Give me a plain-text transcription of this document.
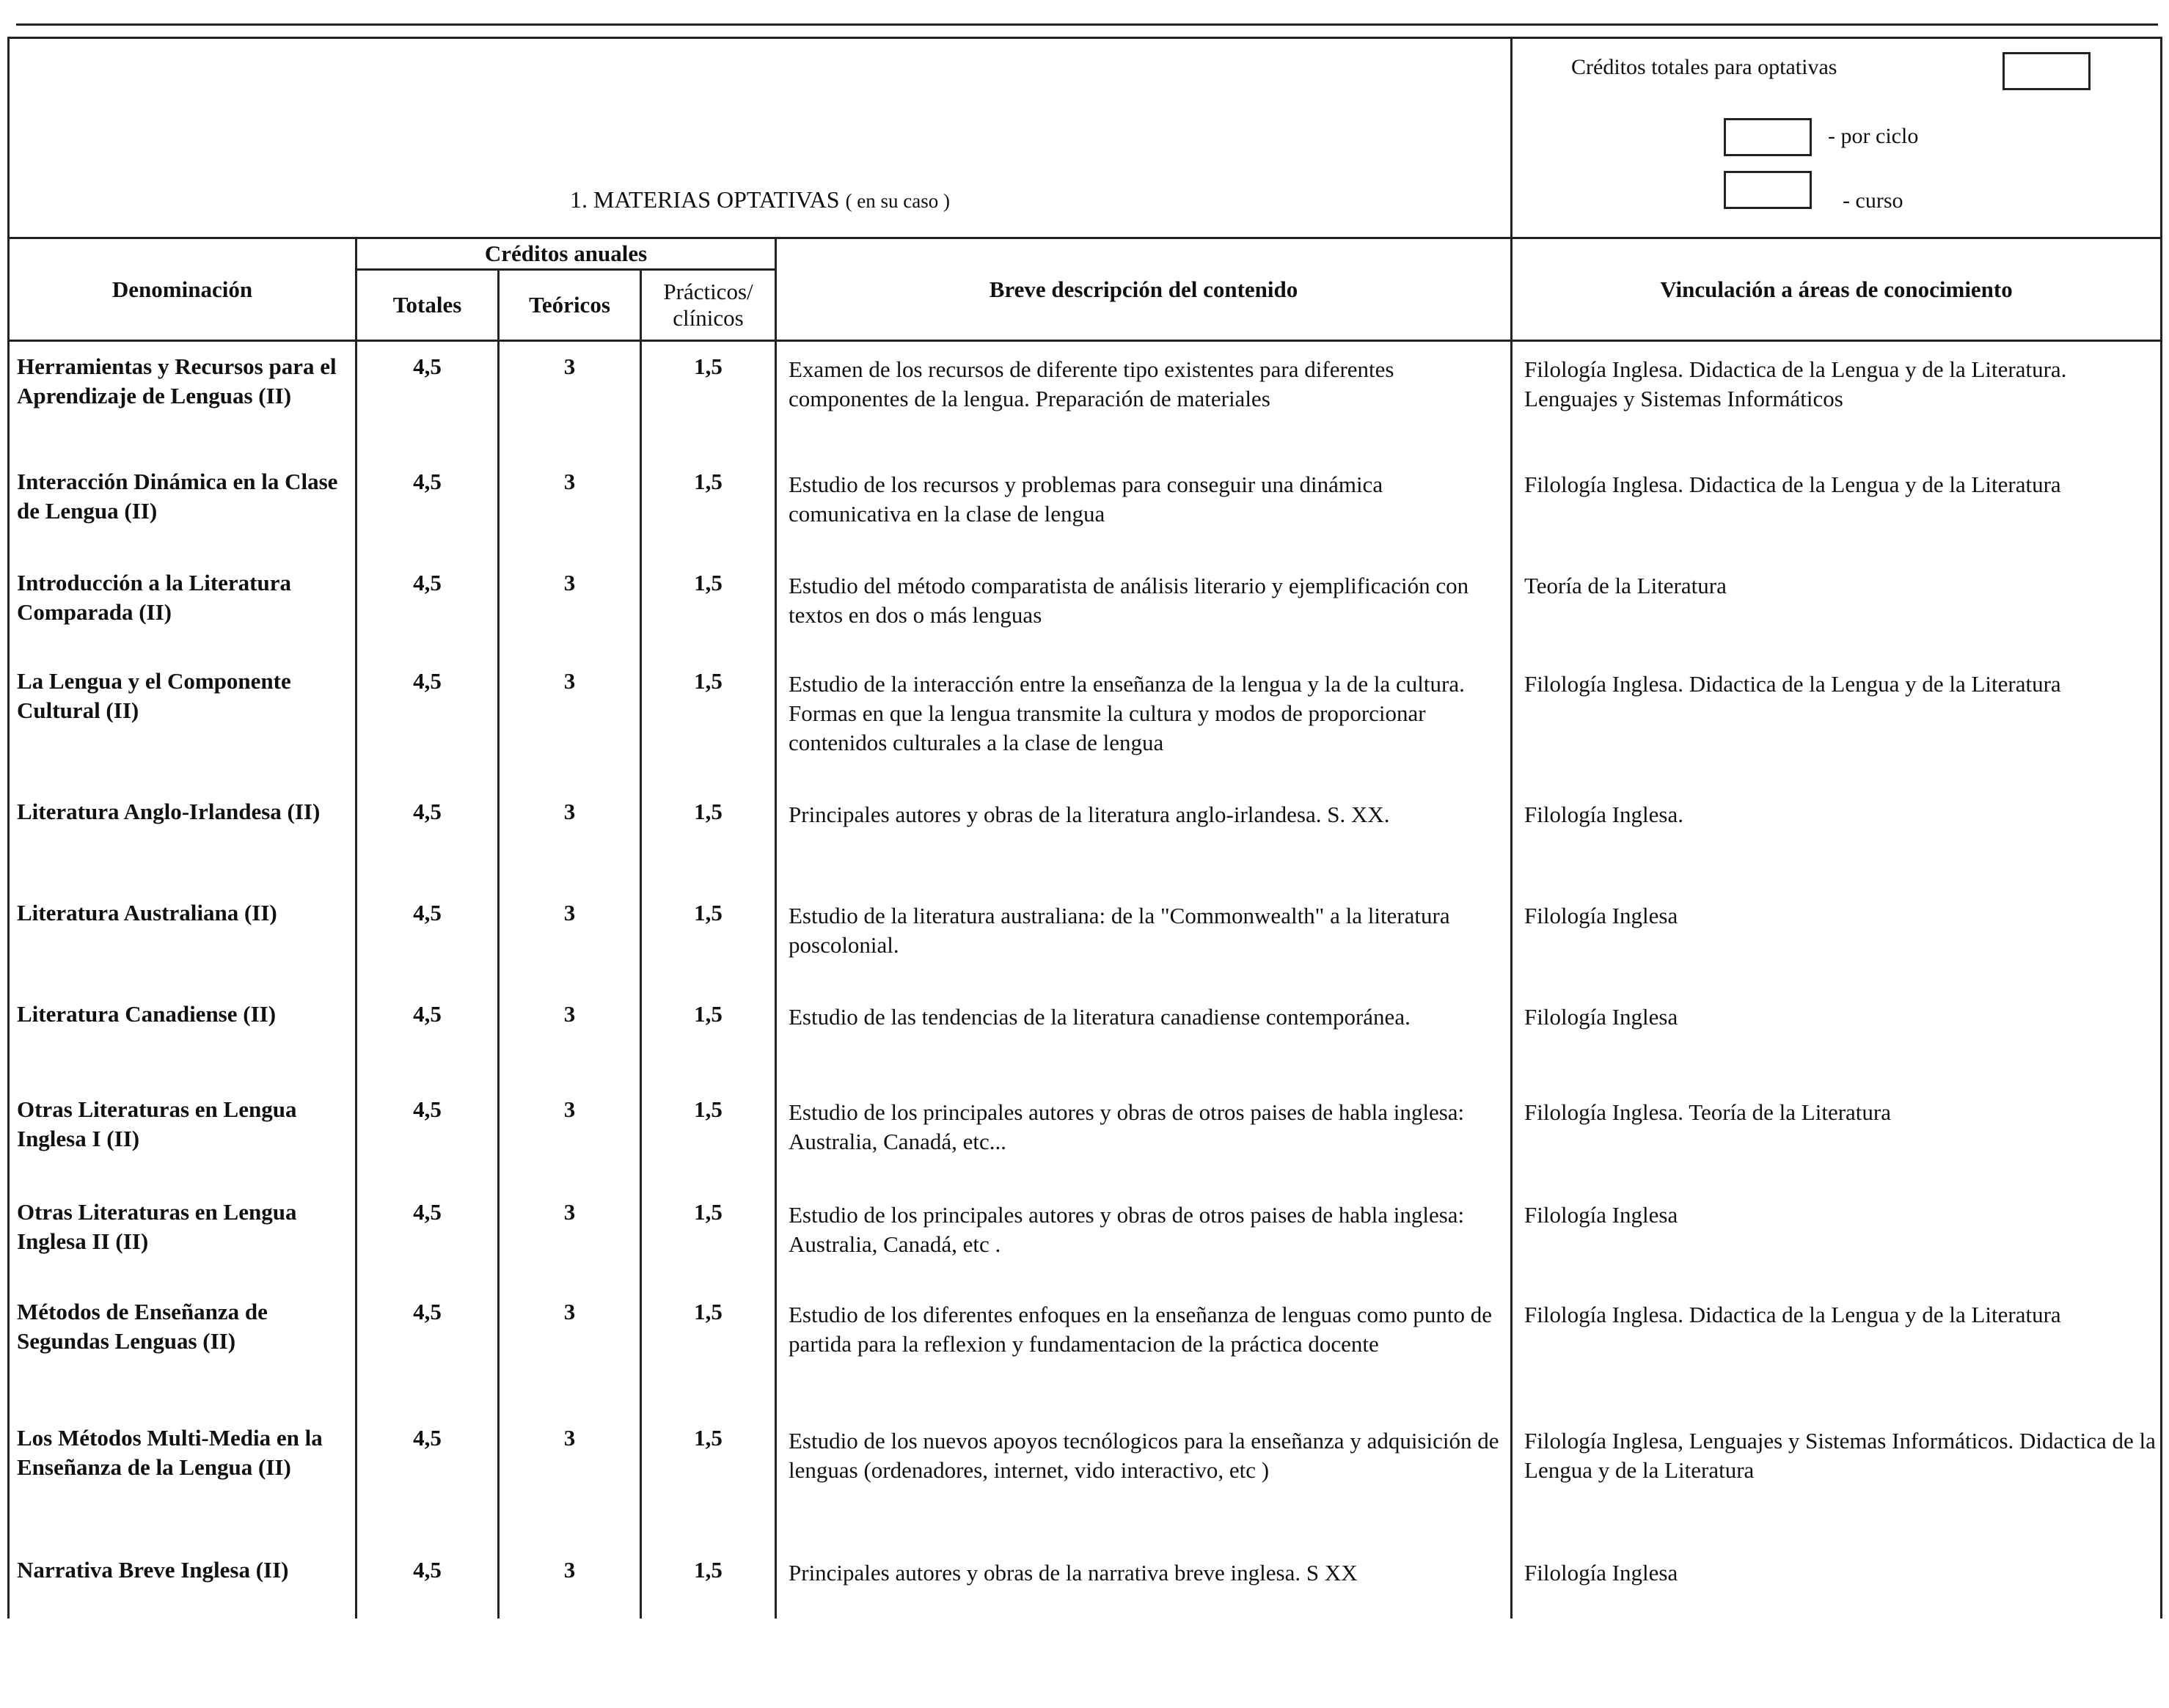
1. MATERIAS OPTATIVAS ( en su caso )					Créditos totales para optativas
- por ciclo
- curso

Denominación	Créditos anuales			Breve descripción del contenido	Vinculación a áreas de conocimiento
	Totales	Teóricos	Prácticos/ clínicos		
Herramientas y Recursos para el Aprendizaje de Lenguas (II)	4,5	3	1,5	Examen de los recursos de diferente tipo existentes para diferentes componentes de la lengua. Preparación de materiales	Filología Inglesa. Didactica de la Lengua y de la Literatura. Lenguajes y Sistemas Informáticos
Interacción Dinámica en la Clase de Lengua (II)	4,5	3	1,5	Estudio de los recursos y problemas para conseguir una dinámica comunicativa en la clase de lengua	Filología Inglesa. Didactica de la Lengua y de la Literatura
Introducción a la Literatura Comparada (II)	4,5	3	1,5	Estudio del método comparatista de análisis literario y ejemplificación con textos en dos o más lenguas	Teoría de la Literatura
La Lengua y el Componente Cultural (II)	4,5	3	1,5	Estudio de la interacción entre la enseñanza de la lengua y la de la cultura. Formas en que la lengua transmite la cultura y modos de proporcionar contenidos culturales a la clase de lengua	Filología Inglesa. Didactica de la Lengua y de la Literatura
Literatura Anglo-Irlandesa (II)	4,5	3	1,5	Principales autores y obras de la literatura anglo-irlandesa. S. XX.	Filología Inglesa.
Literatura Australiana (II)	4,5	3	1,5	Estudio de la literatura australiana: de la "Commonwealth" a la literatura poscolonial.	Filología Inglesa
Literatura Canadiense (II)	4,5	3	1,5	Estudio de las tendencias de la literatura canadiense contemporánea.	Filología Inglesa
Otras Literaturas en Lengua Inglesa I (II)	4,5	3	1,5	Estudio de los principales autores y obras de otros paises de habla inglesa: Australia, Canadá, etc...	Filología Inglesa. Teoría de la Literatura
Otras Literaturas en Lengua Inglesa II (II)	4,5	3	1,5	Estudio de los principales autores y obras de otros paises de habla inglesa: Australia, Canadá, etc .	Filología Inglesa
Métodos de Enseñanza de Segundas Lenguas (II)	4,5	3	1,5	Estudio de los diferentes enfoques en la enseñanza de lenguas como punto de partida para la reflexion y fundamentacion de la práctica docente	Filología Inglesa. Didactica de la Lengua y de la Literatura
Los Métodos Multi-Media en la Enseñanza de la Lengua (II)	4,5	3	1,5	Estudio de los nuevos apoyos tecnólogicos para la enseñanza y adquisición de lenguas (ordenadores, internet, vido interactivo, etc )	Filología Inglesa, Lenguajes y Sistemas Informáticos. Didactica de la Lengua y de la Literatura
Narrativa Breve Inglesa (II)	4,5	3	1,5	Principales autores y obras de la narrativa breve inglesa. S XX	Filología Inglesa
